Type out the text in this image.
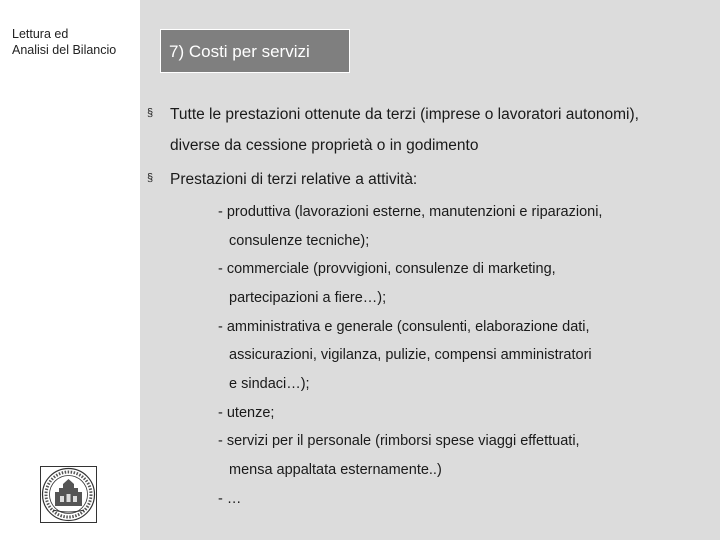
Lettura ed
Analisi del Bilancio	7) Costi per servizi
§ Tutte le prestazioni ottenute da terzi (imprese o lavoratori autonomi),
diverse da cessione proprietà o in godimento
§ Prestazioni di terzi relative a attività:
- produttiva (lavorazioni esterne, manutenzioni e riparazioni,
consulenze tecniche);
- commerciale (provvigioni, consulenze di marketing,
partecipazioni a fiere…);
- amministrativa e generale (consulenti, elaborazione dati,
assicurazioni, vigilanza, pulizie, compensi amministratori
e sindaci…);
- utenze;
- servizi per il personale (rimborsi spese viaggi effettuati,
mensa appaltata esternamente..)
- …
